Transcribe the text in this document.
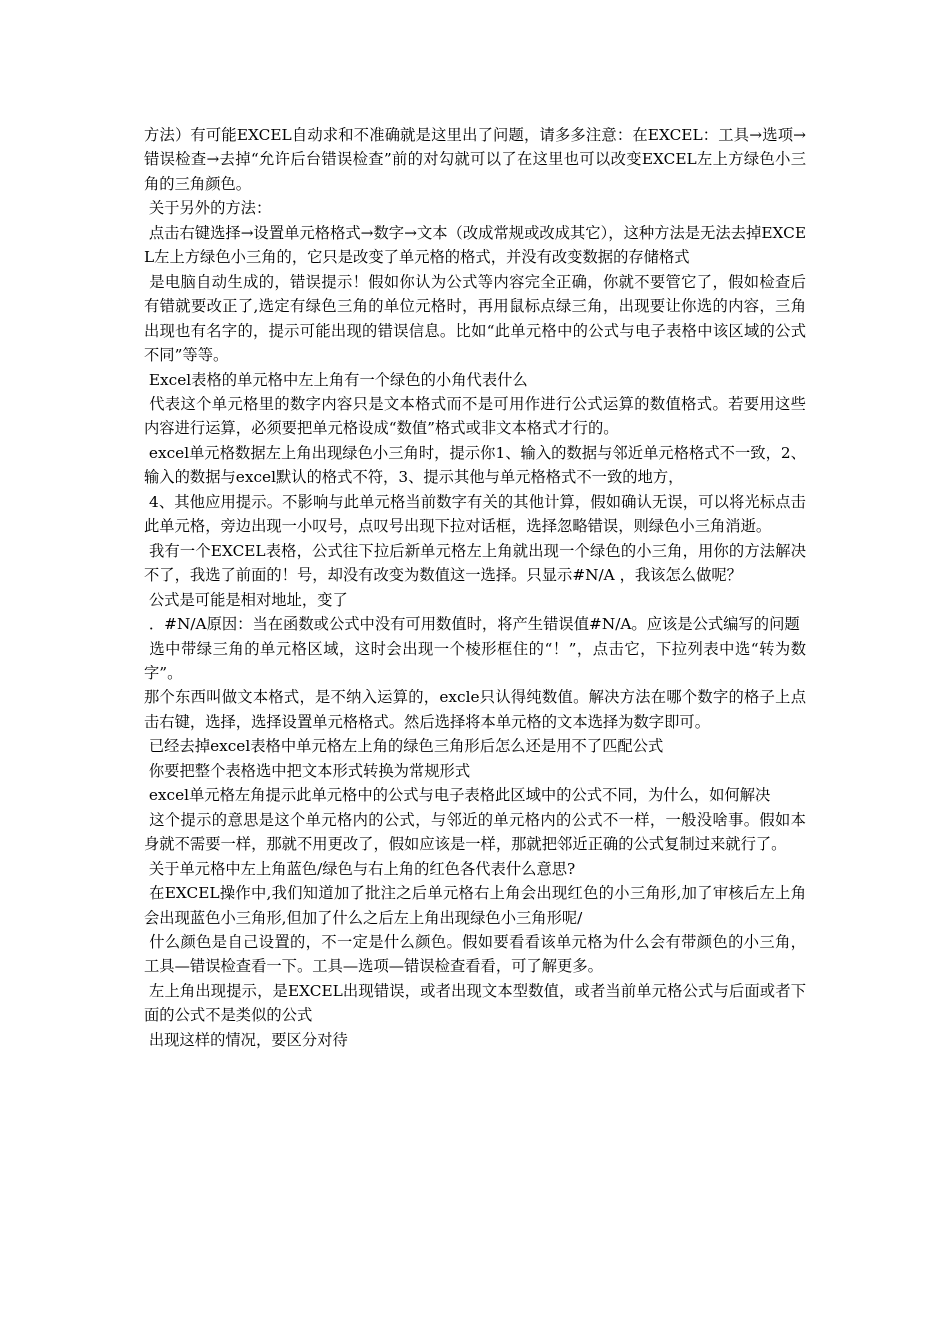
方法）有可能EXCEL自动求和不准确就是这里出了问题，请多多注意：在EXCEL：工具→选项→错误检查→去掉“允许后台错误检查”前的对勾就可以了在这里也可以改变EXCEL左上方绿色小三角的三角颜色。

关于另外的方法：

点击右键选择→设置单元格格式→数字→文本（改成常规或改成其它），这种方法是无法去掉EXCEL左上方绿色小三角的，它只是改变了单元格的格式，并没有改变数据的存储格式

是电脑自动生成的，错误提示！假如你认为公式等内容完全正确，你就不要管它了，假如检查后有错就要改正了,选定有绿色三角的单位元格时，再用鼠标点绿三角，出现要让你选的内容，三角出现也有名字的，提示可能出现的错误信息。比如“此单元格中的公式与电子表格中该区域的公式不同”等等。

Excel表格的单元格中左上角有一个绿色的小角代表什么

代表这个单元格里的数字内容只是文本格式而不是可用作进行公式运算的数值格式。若要用这些内容进行运算，必须要把单元格设成“数值”格式或非文本格式才行的。

excel单元格数据左上角出现绿色小三角时，提示你1、输入的数据与邻近单元格格式不一致，2、输入的数据与excel默认的格式不符，3、提示其他与单元格格式不一致的地方，

4、其他应用提示。不影响与此单元格当前数字有关的其他计算，假如确认无误，可以将光标点击此单元格，旁边出现一小叹号，点叹号出现下拉对话框，选择忽略错误，则绿色小三角消逝。

我有一个EXCEL表格，公式往下拉后新单元格左上角就出现一个绿色的小三角，用你的方法解决不了，我选了前面的！号，却没有改变为数值这一选择。只显示#N/A ，我该怎么做呢？

公式是可能是相对地址，变了

．#N/A原因：当在函数或公式中没有可用数值时，将产生错误值#N/A。应该是公式编写的问题

选中带绿三角的单元格区域，这时会出现一个棱形框住的“！”，点击它，下拉列表中选“转为数字”。

那个东西叫做文本格式，是不纳入运算的，excle只认得纯数值。解决方法在哪个数字的格子上点击右键，选择，选择设置单元格格式。然后选择将本单元格的文本选择为数字即可。

已经去掉excel表格中单元格左上角的绿色三角形后怎么还是用不了匹配公式

你要把整个表格选中把文本形式转换为常规形式

excel单元格左角提示此单元格中的公式与电子表格此区域中的公式不同，为什么，如何解决

这个提示的意思是这个单元格内的公式，与邻近的单元格内的公式不一样，一般没啥事。假如本身就不需要一样，那就不用更改了，假如应该是一样，那就把邻近正确的公式复制过来就行了。

关于单元格中左上角蓝色/绿色与右上角的红色各代表什么意思?

在EXCEL操作中,我们知道加了批注之后单元格右上角会出现红色的小三角形,加了审核后左上角会出现蓝色小三角形,但加了什么之后左上角出现绿色小三角形呢/

什么颜色是自己设置的，不一定是什么颜色。假如要看看该单元格为什么会有带颜色的小三角，工具—错误检查看一下。工具—选项—错误检查看看，可了解更多。

左上角出现提示，是EXCEL出现错误，或者出现文本型数值，或者当前单元格公式与后面或者下面的公式不是类似的公式

出现这样的情况，要区分对待
